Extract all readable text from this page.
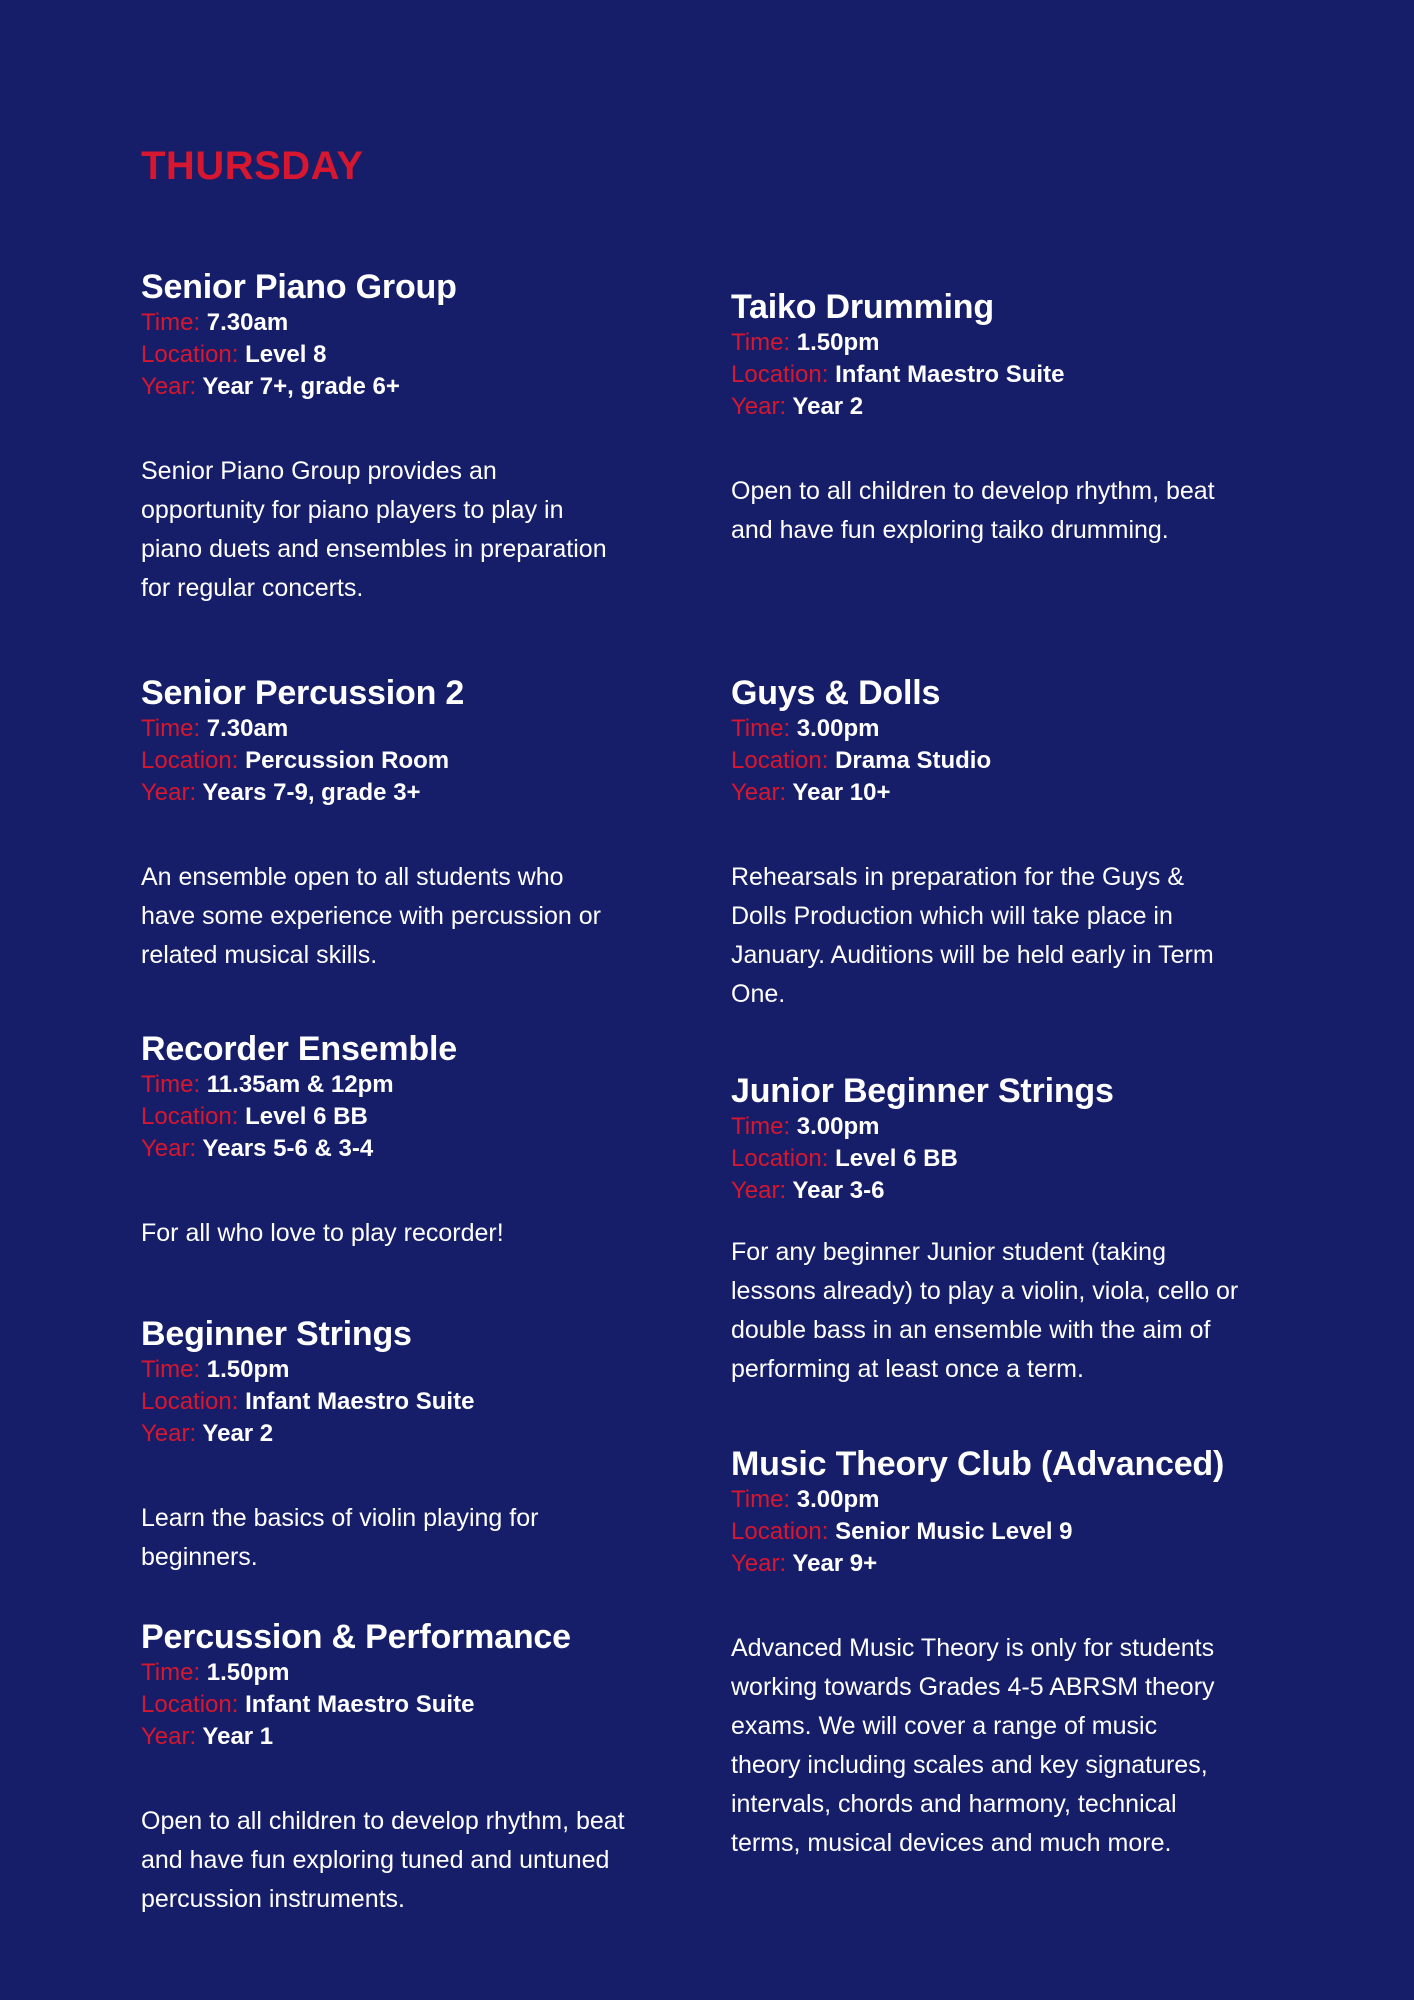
THURSDAY
Senior Piano Group

Time: 7.30am

Location: Level 8

Year: Year 7+, grade 6+

Senior Piano Group provides an opportunity for piano players to play in piano duets and ensembles in preparation for regular concerts.

Senior Percussion 2

Time: 7.30am

Location: Percussion Room

Year: Years 7-9, grade 3+

An ensemble open to all students who have some experience with percussion or related musical skills.

Recorder Ensemble

Time: 11.35am & 12pm

Location: Level 6 BB

Year: Years 5-6 & 3-4

For all who love to play recorder!

Beginner Strings

Time: 1.50pm

Location: Infant Maestro Suite

Year: Year 2

Learn the basics of violin playing for beginners.

Percussion & Performance

Time: 1.50pm

Location: Infant Maestro Suite

Year: Year 1

Open to all children to develop rhythm, beat and have fun exploring tuned and untuned percussion instruments.

Taiko Drumming

Time: 1.50pm

Location: Infant Maestro Suite

Year: Year 2

Open to all children to develop rhythm, beat and have fun exploring taiko drumming.

Guys & Dolls

Time: 3.00pm

Location: Drama Studio

Year: Year 10+

Rehearsals in preparation for the Guys & Dolls Production which will take place in January. Auditions will be held early in Term One.

Junior Beginner Strings

Time: 3.00pm

Location: Level 6 BB

Year: Year 3-6

For any beginner Junior student (taking lessons already) to play a violin, viola, cello or double bass in an ensemble with the aim of performing at least once a term.

Music Theory Club (Advanced)

Time: 3.00pm

Location: Senior Music Level 9

Year: Year 9+

Advanced Music Theory is only for students working towards Grades 4-5 ABRSM theory exams. We will cover a range of music theory including scales and key signatures, intervals, chords and harmony, technical terms, musical devices and much more.
